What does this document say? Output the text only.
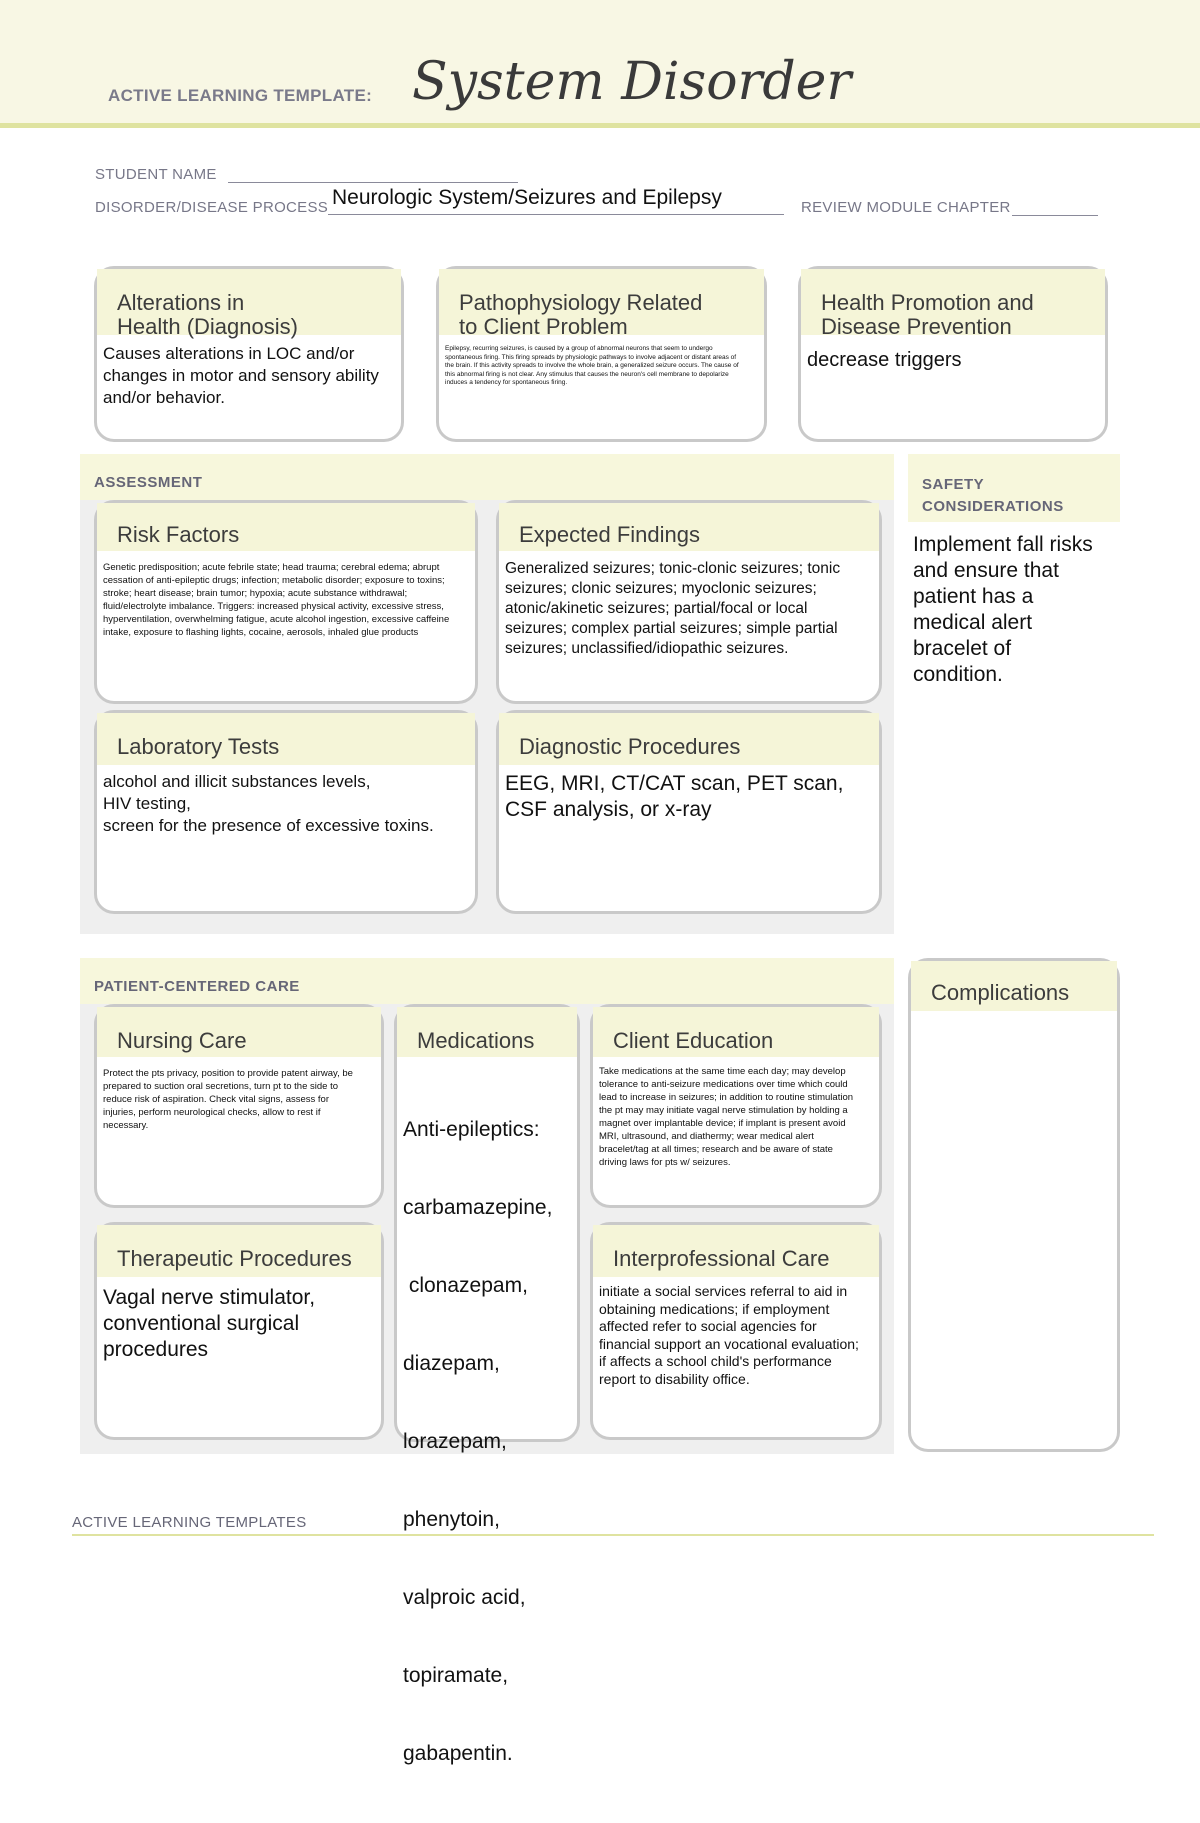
ACTIVE LEARNING TEMPLATE: System Disorder
STUDENT NAME
DISORDER/DISEASE PROCESS Neurologic System/Seizures and Epilepsy	REVIEW MODULE CHAPTER
Alterations in
Health (Diagnosis)
Causes alterations in LOC and/or changes in motor and sensory ability and/or behavior.
Pathophysiology Related
to Client Problem
Epilepsy, recurring seizures, is caused by a group of abnormal neurons that seem to undergo spontaneous firing. This firing spreads by physiologic pathways to involve adjacent or distant areas of the brain. If this activity spreads to involve the whole brain, a generalized seizure occurs. The cause of this abnormal firing is not clear. Any stimulus that causes the neuron's cell membrane to depolarize induces a tendency for spontaneous firing.
Health Promotion and
Disease Prevention
decrease triggers
ASSESSMENT
Risk Factors
Genetic predisposition; acute febrile state; head trauma; cerebral edema; abrupt cessation of anti-epileptic drugs; infection; metabolic disorder; exposure to toxins; stroke; heart disease; brain tumor; hypoxia; acute substance withdrawal; fluid/electrolyte imbalance. Triggers: increased physical activity, excessive stress, hyperventilation, overwhelming fatigue, acute alcohol ingestion, excessive caffeine intake, exposure to flashing lights, cocaine, aerosols, inhaled glue products
Expected Findings
Generalized seizures; tonic-clonic seizures; tonic seizures; clonic seizures; myoclonic seizures; atonic/akinetic seizures; partial/focal or local seizures; complex partial seizures; simple partial seizures; unclassified/idiopathic seizures.
Laboratory Tests
alcohol and illicit substances levels,
HIV testing,
screen for the presence of excessive toxins.
Diagnostic Procedures
EEG, MRI, CT/CAT scan, PET scan, CSF analysis, or x-ray
SAFETY
CONSIDERATIONS
Implement fall risks and ensure that patient has a medical alert bracelet of condition.
PATIENT-CENTERED CARE
Nursing Care
Protect the pts privacy, position to provide patent airway, be prepared to suction oral secretions, turn pt to the side to reduce risk of aspiration. Check vital signs, assess for injuries, perform neurological checks, allow to rest if necessary.
Medications

Anti-epileptics:

carbamazepine,

clonazepam,

diazepam,

lorazepam,

phenytoin,

valproic acid,

topiramate,

gabapentin.

Client Education
Take medications at the same time each day; may develop tolerance to anti-seizure medications over time which could lead to increase in seizures; in addition to routine stimulation the pt may may initiate vagal nerve stimulation by holding a magnet over implantable device; if implant is present avoid MRI, ultrasound, and diathermy; wear medical alert bracelet/tag at all times; research and be aware of state driving laws for pts w/ seizures.
Therapeutic Procedures
Vagal nerve stimulator, conventional surgical procedures
Interprofessional Care
initiate a social services referral to aid in obtaining medications; if employment affected refer to social agencies for financial support an vocational evaluation; if affects a school child's performance report to disability office.
Complications
ACTIVE LEARNING TEMPLATES
